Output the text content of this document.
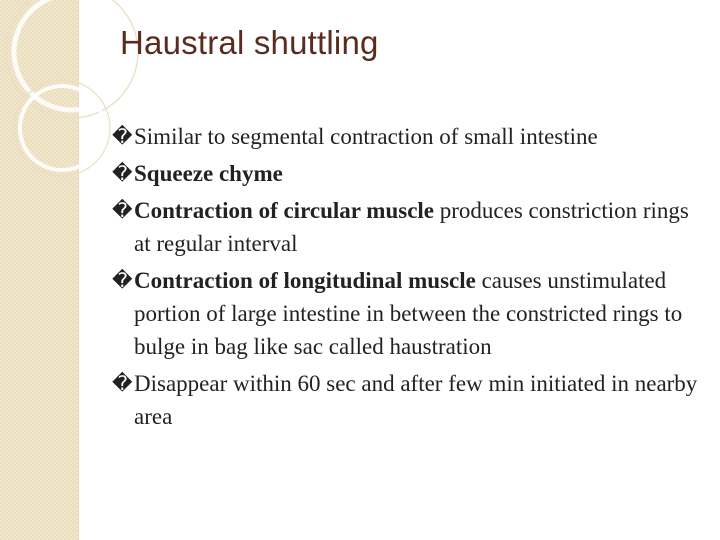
Haustral shuttling

� Similar to segmental contraction of small intestine

� Squeeze chyme

� Contraction of circular muscle produces constriction rings at regular interval

� Contraction of longitudinal muscle causes unstimulated portion of large intestine in between the constricted rings to bulge in bag like sac called haustration

� Disappear within 60 sec and after few min initiated in nearby area
